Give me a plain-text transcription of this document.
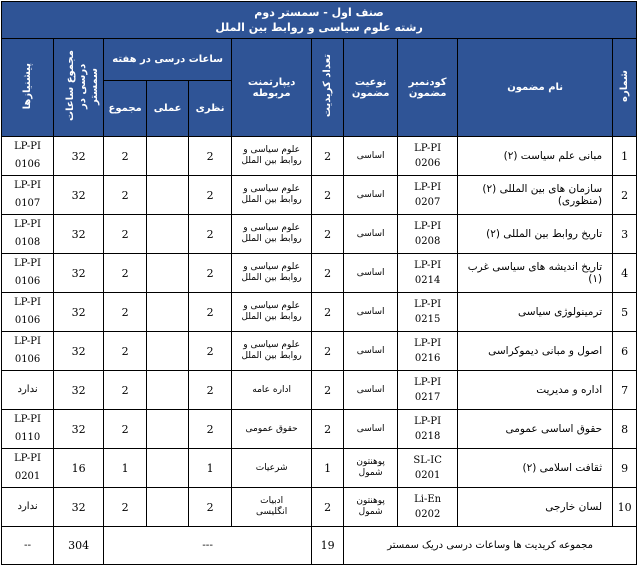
صنف اول - سمستر دوم
رشته علوم سیاسی و روابط بین الملل										

شماره	نام مضمون	کودنمبر مضمون	نوعیت مضمون	تعداد کریدیت	دیپارتمنت مربوطه	ساعات درسی در هفته			مجموع ساعات درسی در سمستر	پیشنیازها
						نظری	عملی	مجموع		
1	مبانی علم سیاست (۲)	LP-PI
0206	اساسی	2	علوم سیاسی و
روابط بین الملل	2		2	32	LP-PI
0106

2	سازمان های بین المللی (۲) (منظوری)	LP-PI
0207	اساسی	2	علوم سیاسی و
روابط بین الملل	2		2	32	LP-PI
0107

3	تاریخ روابط بین المللی (۲)	LP-PI
0208	اساسی	2	علوم سیاسی و
روابط بین الملل	2		2	32	LP-PI
0108

4	تاریخ اندیشه های سیاسی غرب (۱)	LP-PI
0214	اساسی	2	علوم سیاسی و
روابط بین الملل	2		2	32	LP-PI
0106

5	ترمینولوژی سیاسی	LP-PI
0215	اساسی	2	علوم سیاسی و
روابط بین الملل	2		2	32	LP-PI
0106

6	اصول و مبانی دیموکراسی	LP-PI
0216	اساسی	2	علوم سیاسی و
روابط بین الملل	2		2	32	LP-PI
0106

7	اداره و مدیریت	LP-PI
0217	اساسی	2	اداره عامه	2		2	32	ندارد

8	حقوق اساسی عمومی	LP-PI
0218	اساسی	2	حقوق عمومی	2		2	32	LP-PI
0110

9	ثقافت اسلامی (۲)	SL-IC
0201	پوهنتون شمول	1	شرعیات	1		1	16	LP-PI
0201

10	لسان خارجی	Li-En
0202	پوهنتون شمول	2	ادبیات
انگلیسی	2		2	32	ندارد

مجموعه کریدیت ها وساعات درسی دریک سمستر				19	---				304	--
